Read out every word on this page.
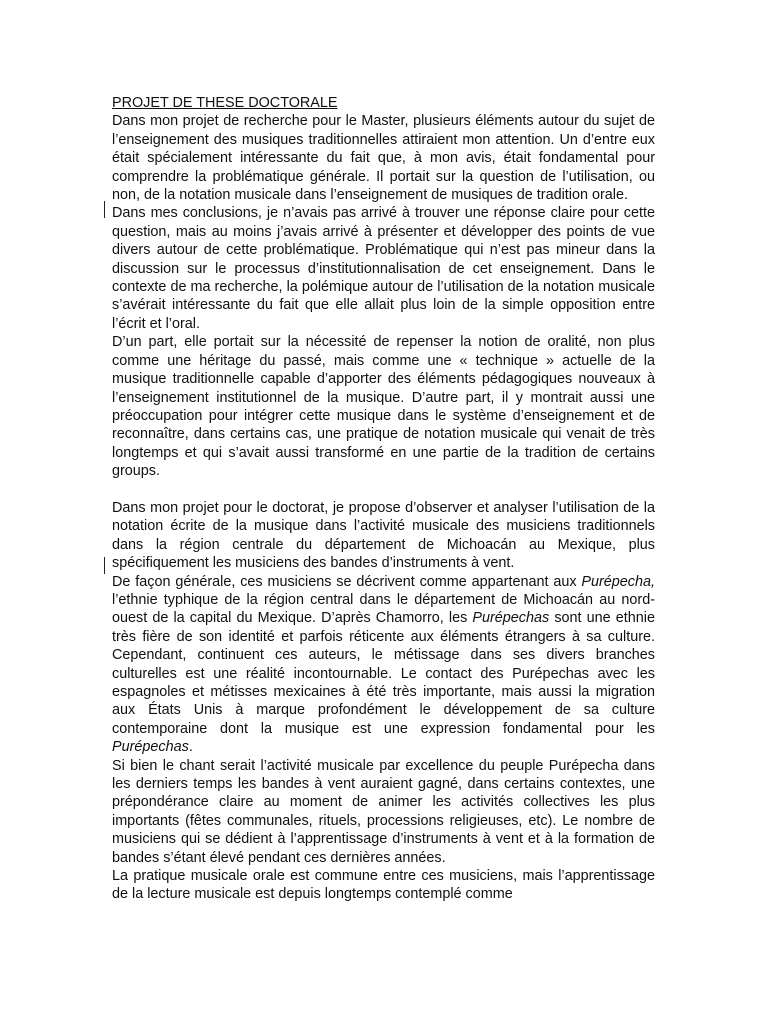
PROJET DE THESE DOCTORALE

Dans mon projet de recherche pour le Master, plusieurs éléments autour du sujet de l’enseignement des musiques traditionnelles attiraient mon attention. Un d’entre eux était spécialement intéressante du fait que, à mon avis, était fondamental pour comprendre la problématique générale. Il portait sur la question de l’utilisation, ou non, de la notation musicale dans l’enseignement de musiques de tradition orale.

Dans mes conclusions, je n’avais pas arrivé à trouver une réponse claire pour cette question, mais au moins j’avais arrivé à présenter et développer des points de vue divers autour de cette problématique. Problématique qui n’est pas mineur dans la discussion sur le processus d’institutionnalisation de cet enseignement. Dans le contexte de ma recherche, la polémique autour de l’utilisation de la notation musicale s’avérait intéressante du fait que elle allait plus loin de la simple opposition entre l’écrit et l’oral.

D’un part, elle portait sur la nécessité de repenser la notion de oralité, non plus comme une héritage du passé, mais comme une « technique » actuelle de la musique traditionnelle capable d’apporter des éléments pédagogiques nouveaux à l’enseignement institutionnel de la musique. D’autre part, il y montrait aussi une préoccupation pour intégrer cette musique dans le système d’enseignement et de reconnaître, dans certains cas, une pratique de notation musicale qui venait de très longtemps et qui s’avait aussi transformé en une partie de la tradition de certains groups.

Dans mon projet pour le doctorat, je propose d’observer et analyser l’utilisation de la notation écrite de la musique dans l’activité musicale des musiciens traditionnels dans la région centrale du département de Michoacán au Mexique, plus spécifiquement les musiciens des bandes d’instruments à vent.

De façon générale, ces musiciens se décrivent comme appartenant aux Purépecha, l’ethnie typhique de la région central dans le département de Michoacán au nord-ouest de la capital du Mexique. D’après Chamorro, les Purépechas sont une ethnie très fière de son identité et parfois réticente aux éléments étrangers à sa culture. Cependant, continuent ces auteurs, le métissage dans ses divers branches culturelles est une réalité incontournable. Le contact des Purépechas avec les espagnoles et métisses mexicaines à été très importante, mais aussi la migration aux États Unis à marque profondément le développement de sa culture contemporaine dont la musique est une expression fondamental pour les Purépechas.

Si bien le chant serait l’activité musicale par excellence du peuple Purépecha dans les derniers temps les bandes à vent auraient gagné, dans certains contextes, une prépondérance claire au moment de animer les activités collectives les plus importants (fêtes communales, rituels, processions religieuses, etc). Le nombre de musiciens qui se dédient à l’apprentissage d’instruments à vent et à la formation de bandes s’étant élevé pendant ces dernières années.

La pratique musicale orale est commune entre ces musiciens, mais l’apprentissage de la lecture musicale est depuis longtemps contemplé comme
